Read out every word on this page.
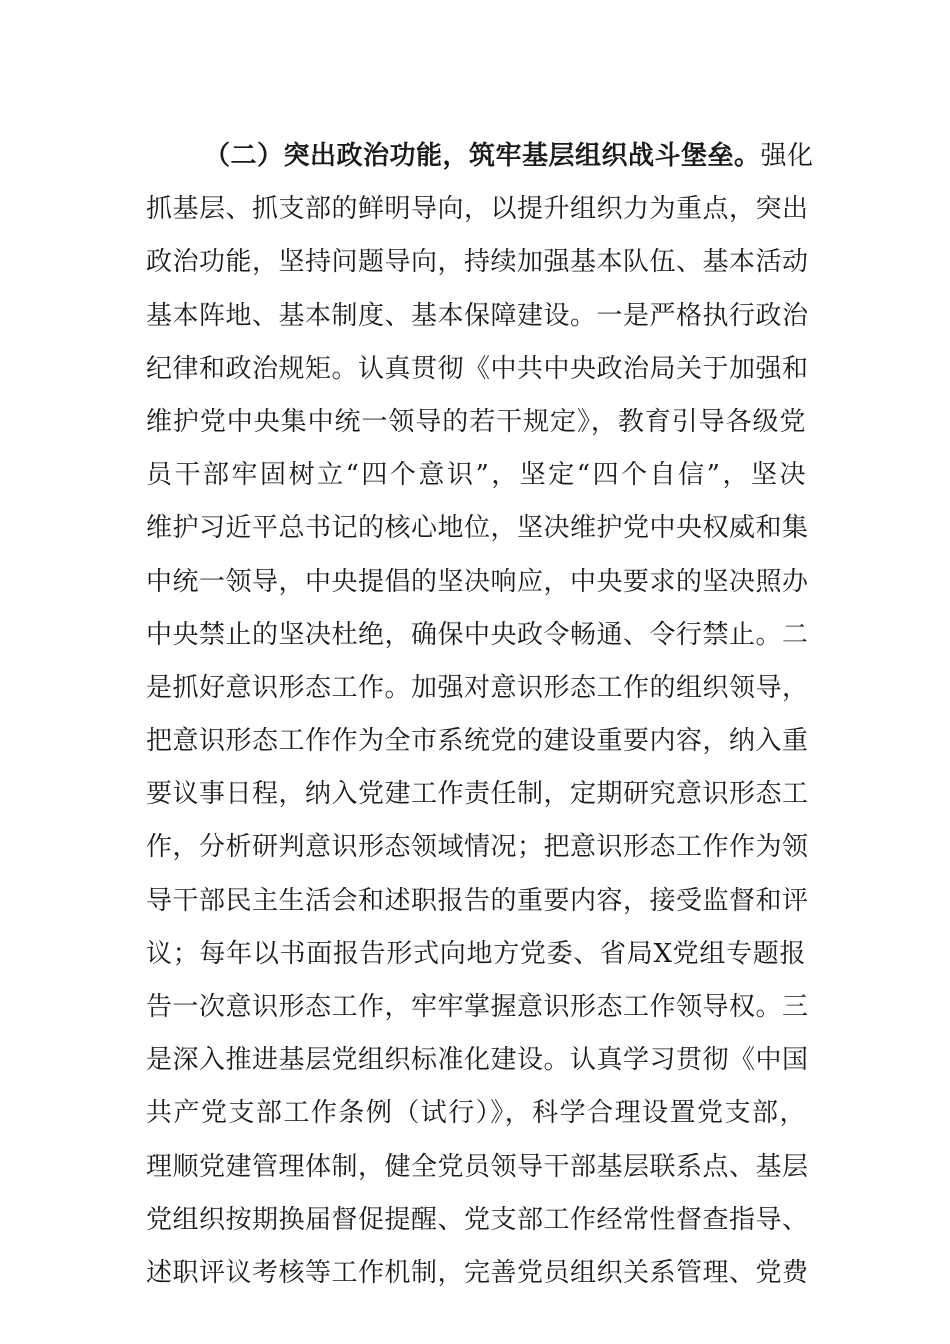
（二）突出政治功能，筑牢基层组织战斗堡垒。强化
抓基层、抓支部的鲜明导向，以提升组织力为重点，突出
政治功能，坚持问题导向，持续加强基本队伍、基本活动
基本阵地、基本制度、基本保障建设。一是严格执行政治
纪律和政治规矩。认真贯彻《中共中央政治局关于加强和
维护党中央集中统一领导的若干规定》，教育引导各级党
员干部牢固树立“四个意识”，坚定“四个自信”，坚决
维护习近平总书记的核心地位，坚决维护党中央权威和集
中统一领导，中央提倡的坚决响应，中央要求的坚决照办
中央禁止的坚决杜绝，确保中央政令畅通、令行禁止。二
是抓好意识形态工作。加强对意识形态工作的组织领导，
把意识形态工作作为全市系统党的建设重要内容，纳入重
要议事日程，纳入党建工作责任制，定期研究意识形态工
作，分析研判意识形态领域情况；把意识形态工作作为领
导干部民主生活会和述职报告的重要内容，接受监督和评
议；每年以书面报告形式向地方党委、省局X党组专题报
告一次意识形态工作，牢牢掌握意识形态工作领导权。三
是深入推进基层党组织标准化建设。认真学习贯彻《中国
共产党支部工作条例（试行）》，科学合理设置党支部，
理顺党建管理体制，健全党员领导干部基层联系点、基层
党组织按期换届督促提醒、党支部工作经常性督查指导、
述职评议考核等工作机制，完善党员组织关系管理、党费
